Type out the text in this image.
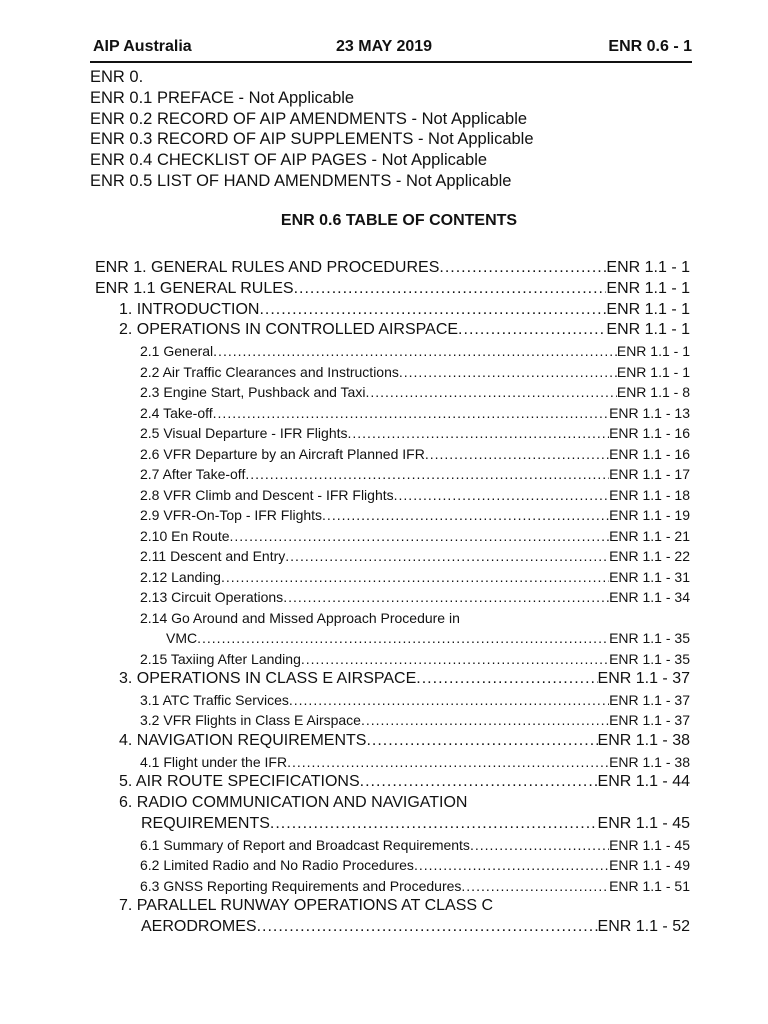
AIP Australia	23 MAY 2019	ENR 0.6 - 1
ENR 0.
ENR 0.1 PREFACE - Not Applicable
ENR 0.2 RECORD OF AIP AMENDMENTS - Not Applicable
ENR 0.3 RECORD OF AIP SUPPLEMENTS - Not Applicable
ENR 0.4 CHECKLIST OF AIP PAGES - Not Applicable
ENR 0.5 LIST OF HAND AMENDMENTS - Not Applicable
ENR 0.6 TABLE OF CONTENTS
ENR 1. GENERAL RULES AND PROCEDURES .....	ENR 1.1 - 1
ENR 1.1 GENERAL RULES .....	ENR 1.1 - 1
1. INTRODUCTION .....	ENR 1.1 - 1
2. OPERATIONS IN CONTROLLED AIRSPACE .....	ENR 1.1 - 1
2.1 General .....	ENR 1.1 - 1
2.2 Air Traffic Clearances and Instructions .....	ENR 1.1 - 1
2.3 Engine Start, Pushback and Taxi .....	ENR 1.1 - 8
2.4 Take-off .....	ENR 1.1 - 13
2.5 Visual Departure - IFR Flights .....	ENR 1.1 - 16
2.6 VFR Departure by an Aircraft Planned IFR .....	ENR 1.1 - 16
2.7 After Take-off .....	ENR 1.1 - 17
2.8 VFR Climb and Descent - IFR Flights .....	ENR 1.1 - 18
2.9 VFR-On-Top - IFR Flights .....	ENR 1.1 - 19
2.10 En Route .....	ENR 1.1 - 21
2.11 Descent and Entry .....	ENR 1.1 - 22
2.12 Landing .....	ENR 1.1 - 31
2.13 Circuit Operations .....	ENR 1.1 - 34
2.14 Go Around and Missed Approach Procedure in
VMC .....	ENR 1.1 - 35
2.15 Taxiing After Landing .....	ENR 1.1 - 35
3. OPERATIONS IN CLASS E AIRSPACE .....	ENR 1.1 - 37
3.1 ATC Traffic Services .....	ENR 1.1 - 37
3.2 VFR Flights in Class E Airspace .....	ENR 1.1 - 37
4. NAVIGATION REQUIREMENTS .....	ENR 1.1 - 38
4.1 Flight under the IFR .....	ENR 1.1 - 38
5. AIR ROUTE SPECIFICATIONS .....	ENR 1.1 - 44
6. RADIO COMMUNICATION AND NAVIGATION
REQUIREMENTS .....	ENR 1.1 - 45
6.1 Summary of Report and Broadcast Requirements .....	ENR 1.1 - 45
6.2 Limited Radio and No Radio Procedures .....	ENR 1.1 - 49
6.3 GNSS Reporting Requirements and Procedures .....	ENR 1.1 - 51
7. PARALLEL RUNWAY OPERATIONS AT CLASS C
AERODROMES .....	ENR 1.1 - 52
